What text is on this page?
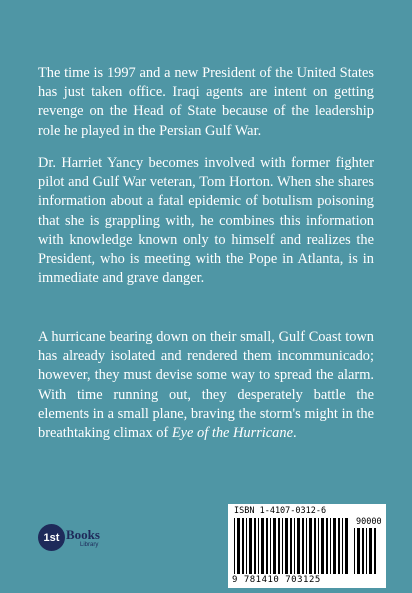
The time is 1997 and a new President of the United States has just taken office. Iraqi agents are intent on getting revenge on the Head of State because of the leadership role he played in the Persian Gulf War.

Dr. Harriet Yancy becomes involved with former fighter pilot and Gulf War veteran, Tom Horton. When she shares information about a fatal epidemic of botulism poisoning that she is grappling with, he combines this information with knowledge known only to himself and realizes the President, who is meeting with the Pope in Atlanta, is in immediate and grave danger.

A hurricane bearing down on their small, Gulf Coast town has already isolated and rendered them incommunicado; however, they must devise some way to spread the alarm. With time running out, they desperately battle the elements in a small plane, braving the storm's might in the breathtaking climax of Eye of the Hurricane.

1st Books
Library
ISBN 1-4107-0312-6
90000
9 781410 703125
